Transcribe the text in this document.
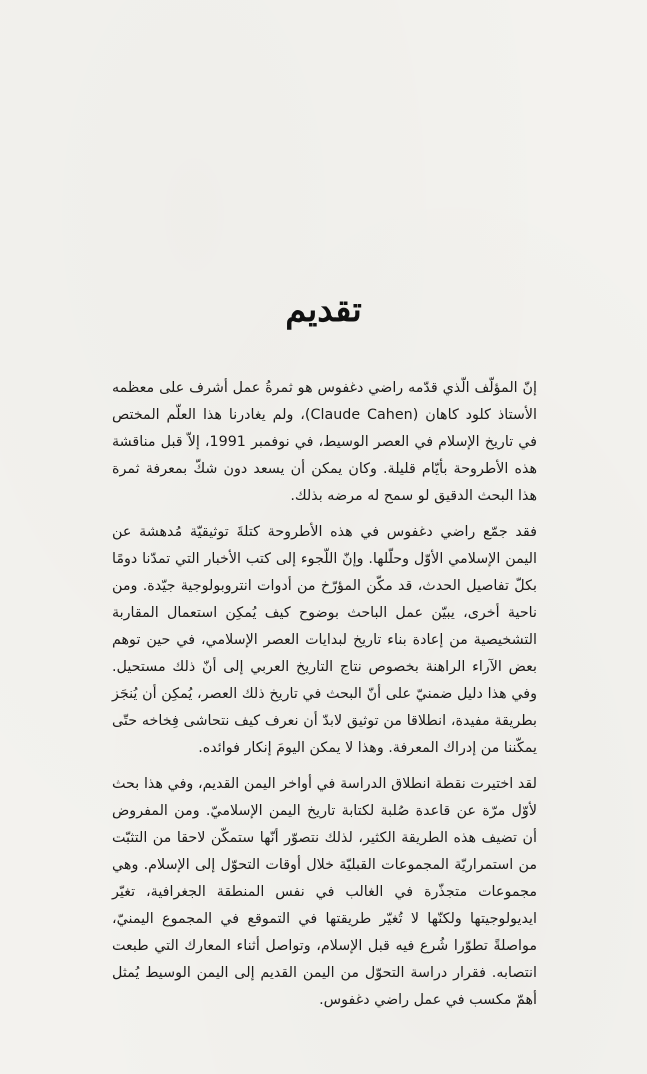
تقديم

إنّ المؤلّف الّذي قدّمه راضي دغفوس هو ثمرةُ عمل أشرف على معظمه الأستاذ كلود كاهان (Claude Cahen)، ولم يغادرنا هذا العلّم المختص في تاريخ الإسلام في العصر الوسيط، في نوفمبر 1991، إلاّ قبل مناقشة هذه الأطروحة بأيّام قليلة. وكان يمكن أن يسعد دون شكّ بمعرفة ثمرة هذا البحث الدقيق لو سمح له مرضه بذلك.

فقد جمّع راضي دغفوس في هذه الأطروحة كتلةَ توثيقيّة مُدهشة عن اليمن الإسلامي الأوّل وحلّلها. وإنّ اللّجوء إلى كتب الأخبار التي تمدّنا دومًا بكلّ تفاصيل الحدث، قد مكّن المؤرّخ من أدوات انتروبولوجية جيّدة. ومن ناحية أخرى، يبيّن عمل الباحث بوضوح كيف يُمكِن استعمال المقاربة التشخيصية من إعادة بناء تاريخ لبدايات العصر الإسلامي، في حين توهم بعض الآراء الراهنة بخصوص نتاج التاريخ العربي إلى أنّ ذلك مستحيل. وفي هذا دليل ضمنيّ على أنّ البحث في تاريخ ذلك العصر، يُمكِن أن يُنجَز بطريقة مفيدة، انطلاقا من توثيق لابدّ أن نعرف كيف نتحاشى فِخاخه حتّى يمكّننا من إدراك المعرفة. وهذا لا يمكن اليومَ إنكار فوائده.

لقد اختيرت نقطة انطلاق الدراسة في أواخر اليمن القديم، وفي هذا بحث لأوّل مرّة عن قاعدة صُلبة لكتابة تاريخ اليمن الإسلاميّ. ومن المفروض أن تضيف هذه الطريقة الكثير، لذلك نتصوّر أنّها ستمكّن لاحقا من التثبّت من استمراريّة المجموعات القبليّة خلال أوقات التحوّل إلى الإسلام. وهي مجموعات متجذّرة في الغالب في نفس المنطقة الجغرافية، تغيّر ايديولوجيتها ولكنّها لا تُغيّر طريقتها في التموقع في المجموع اليمنيّ، مواصلةً تطوّرا شُرع فيه قبل الإسلام، وتواصل أثناء المعارك التي طبعت انتصابه. فقرار دراسة التحوّل من اليمن القديم إلى اليمن الوسيط يُمثل أهمّ مكسب في عمل راضي دغفوس.
